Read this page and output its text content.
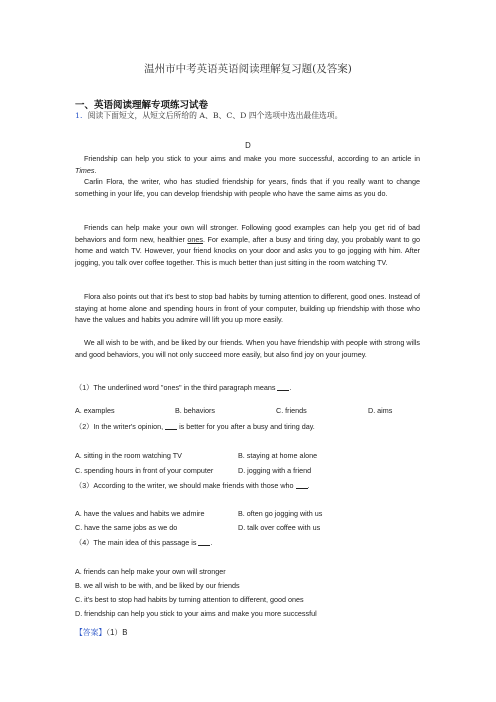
温州市中考英语英语阅读理解复习题(及答案)
一、英语阅读理解专项练习试卷
1．阅读下面短文，从短文后所给的 A、B、C、D 四个选项中选出最佳选项。
D
Friendship can help you stick to your aims and make you more successful, according to an article in Times.
Carlin Flora, the writer, who has studied friendship for years, finds that if you really want to change something in your life, you can develop friendship with people who have the same aims as you do.
Friends can help make your own will stronger. Following good examples can help you get rid of bad behaviors and form new, healthier ones. For example, after a busy and tiring day, you probably want to go home and watch TV. However, your friend knocks on your door and asks you to go jogging with him. After jogging, you talk over coffee together. This is much better than just sitting in the room watching TV.
Flora also points out that it's best to stop bad habits by turning attention to different, good ones. Instead of staying at home alone and spending hours in front of your computer, building up friendship with those who have the values and habits you admire will lift you up more easily.
We all wish to be with, and be liked by our friends. When you have friendship with people with strong wills and good behaviors, you will not only succeed more easily, but also find joy on your journey.
（1）The underlined word "ones" in the third paragraph means .
A. examples	B. behaviors	C. friends	D. aims
（2）In the writer's opinion, is better for you after a busy and tiring day.
A. sitting in the room watching TV	B. staying at home alone
C. spending hours in front of your computer	D. jogging with a friend
（3）According to the writer, we should make friends with those who .
A. have the values and habits we admire	B. often go jogging with us
C. have the same jobs as we do	D. talk over coffee with us
（4）The main idea of this passage is .
A. friends can help make your own will stronger
B. we all wish to be with, and be liked by our friends
C. it's best to stop had habits by turning attention to different, good ones
D. friendship can help you stick to your aims and make you more successful
【答案】（1）B
